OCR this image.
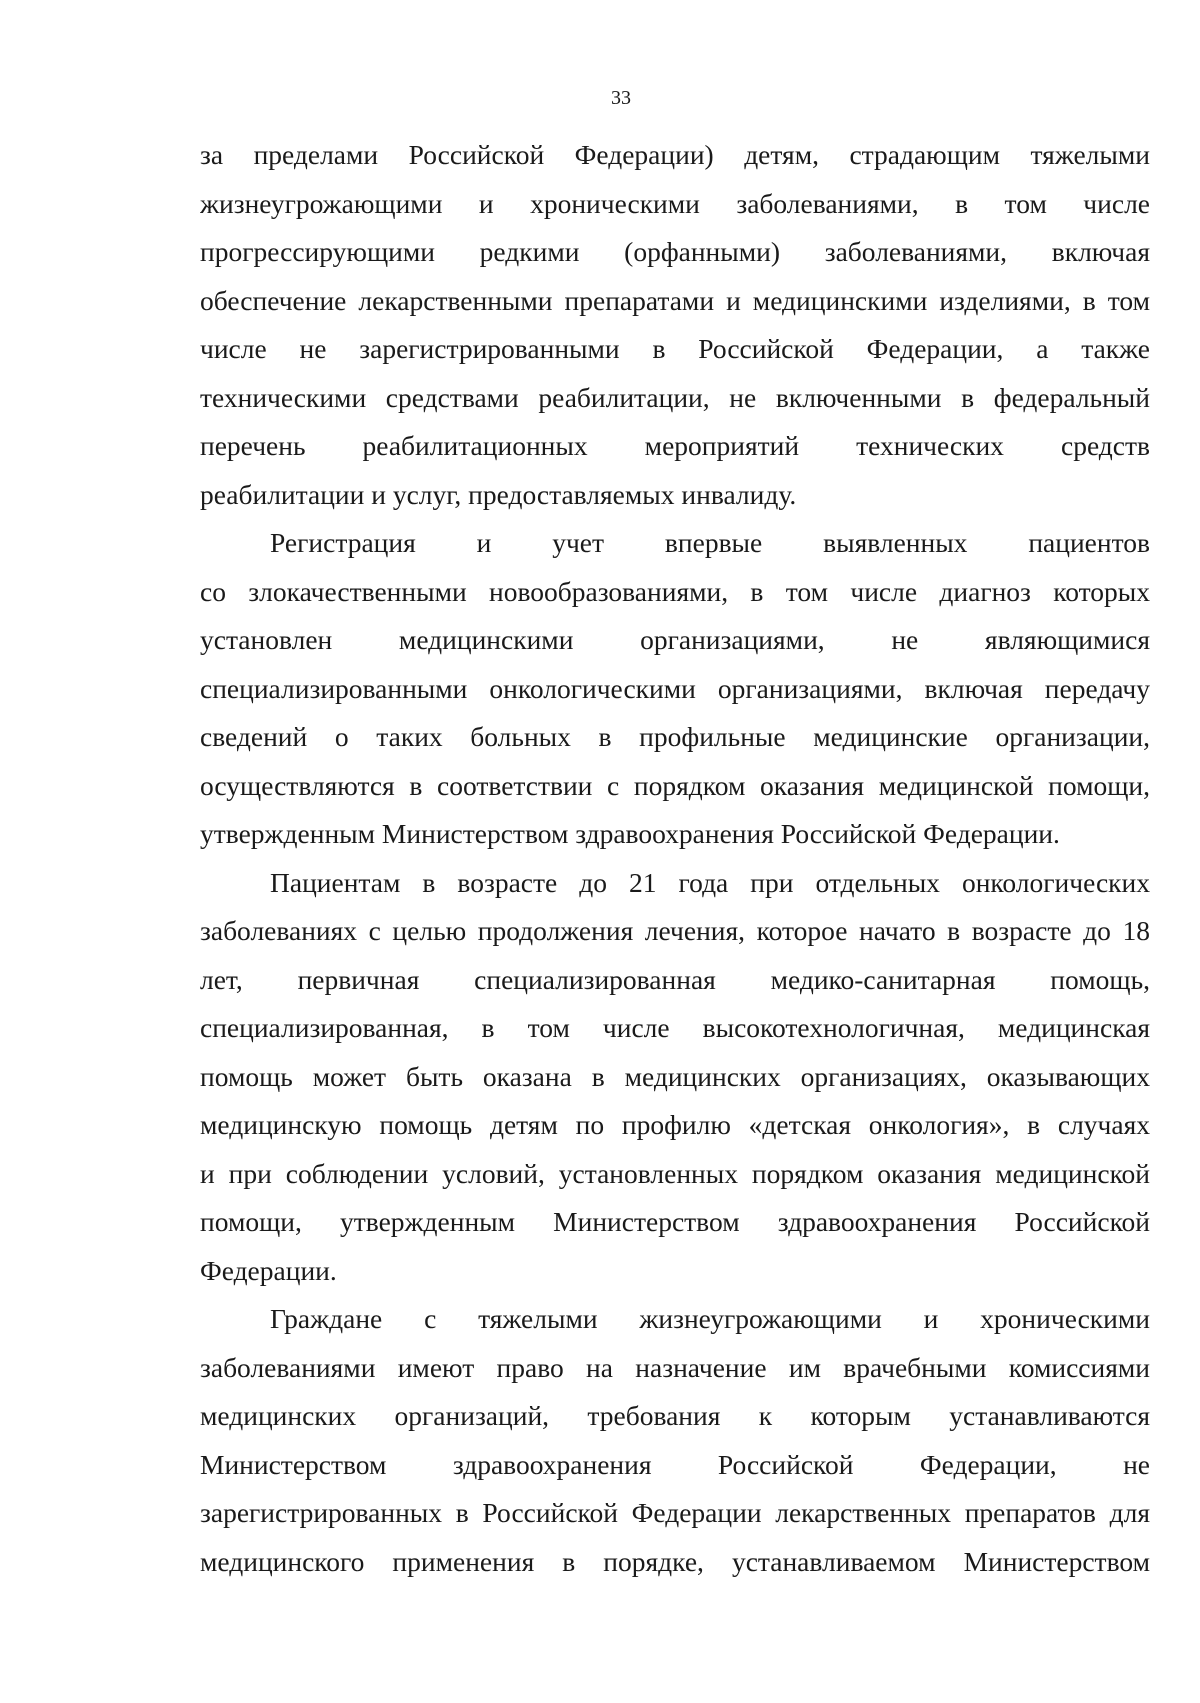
33
за пределами Российской Федерации) детям, страдающим тяжелыми
жизнеугрожающими и хроническими заболеваниями, в том числе
прогрессирующими редкими (орфанными) заболеваниями, включая
обеспечение лекарственными препаратами и медицинскими изделиями, в том
числе не зарегистрированными в Российской Федерации, а также
техническими средствами реабилитации, не включенными в федеральный
перечень реабилитационных мероприятий технических средств
реабилитации и услуг, предоставляемых инвалиду.
Регистрация и учет впервые выявленных пациентов
со злокачественными новообразованиями, в том числе диагноз которых
установлен медицинскими организациями, не являющимися
специализированными онкологическими организациями, включая передачу
сведений о таких больных в профильные медицинские организации,
осуществляются в соответствии с порядком оказания медицинской помощи,
утвержденным Министерством здравоохранения Российской Федерации.
Пациентам в возрасте до 21 года при отдельных онкологических
заболеваниях с целью продолжения лечения, которое начато в возрасте до 18
лет, первичная специализированная медико-санитарная помощь,
специализированная, в том числе высокотехнологичная, медицинская
помощь может быть оказана в медицинских организациях, оказывающих
медицинскую помощь детям по профилю «детская онкология», в случаях
и при соблюдении условий, установленных порядком оказания медицинской
помощи, утвержденным Министерством здравоохранения Российской
Федерации.
Граждане с тяжелыми жизнеугрожающими и хроническими
заболеваниями имеют право на назначение им врачебными комиссиями
медицинских организаций, требования к которым устанавливаются
Министерством здравоохранения Российской Федерации, не
зарегистрированных в Российской Федерации лекарственных препаратов для
медицинского применения в порядке, устанавливаемом Министерством
